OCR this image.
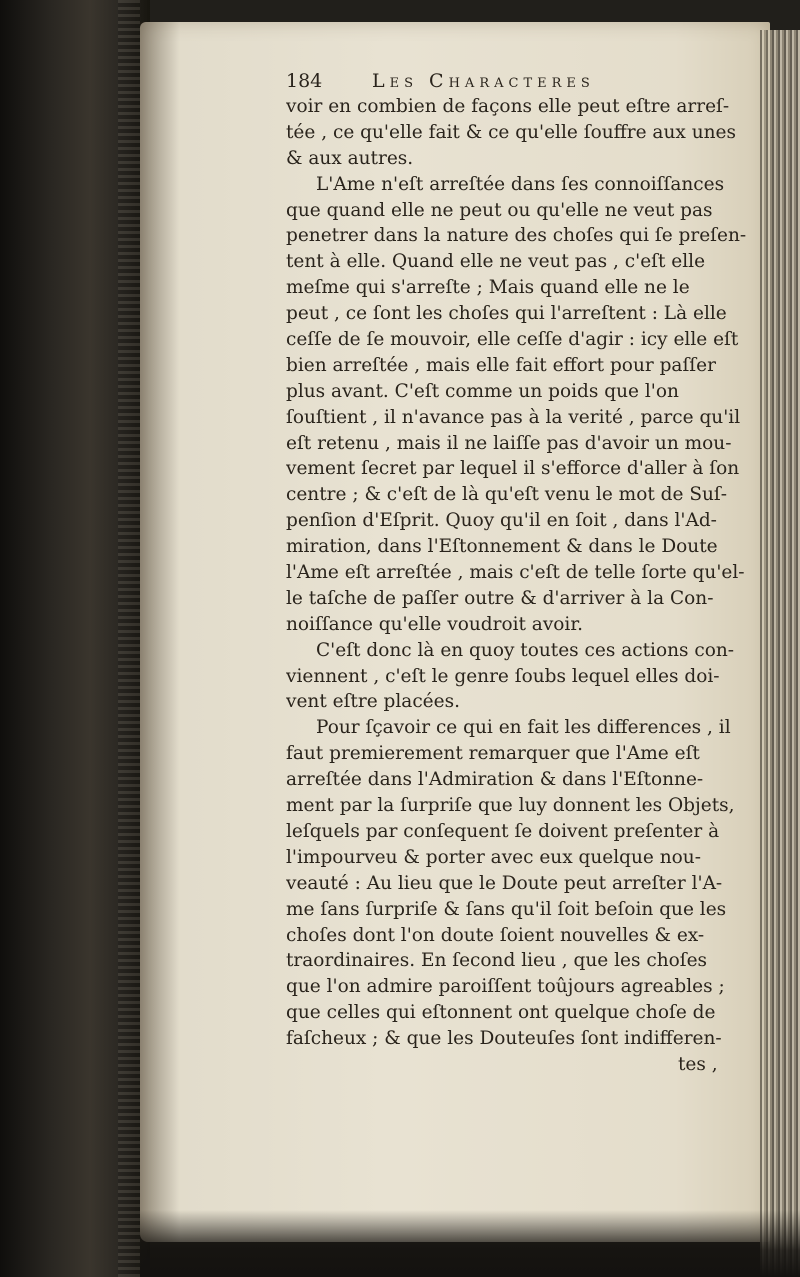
184	Les Characteres
voir en combien de façons elle peut eſtre arreſ-
tée , ce qu'elle fait & ce qu'elle ſouffre aux unes
& aux autres.
L'Ame n'eſt arreſtée dans ſes connoiſſances
que quand elle ne peut ou qu'elle ne veut pas
penetrer dans la nature des choſes qui ſe preſen-
tent à elle. Quand elle ne veut pas , c'eſt elle
meſme qui s'arreſte ; Mais quand elle ne le
peut , ce ſont les choſes qui l'arreſtent : Là elle
ceſſe de ſe mouvoir, elle ceſſe d'agir : icy elle eſt
bien arreſtée , mais elle fait effort pour paſſer
plus avant. C'eſt comme un poids que l'on
ſouſtient , il n'avance pas à la verité , parce qu'il
eſt retenu , mais il ne laiſſe pas d'avoir un mou-
vement ſecret par lequel il s'efforce d'aller à ſon
centre ; & c'eſt de là qu'eſt venu le mot de Suſ-
penſion d'Eſprit. Quoy qu'il en ſoit , dans l'Ad-
miration, dans l'Eſtonnement & dans le Doute
l'Ame eſt arreſtée , mais c'eſt de telle ſorte qu'el-
le taſche de paſſer outre & d'arriver à la Con-
noiſſance qu'elle voudroit avoir.
C'eſt donc là en quoy toutes ces actions con-
viennent , c'eſt le genre ſoubs lequel elles doi-
vent eſtre placées.
Pour ſçavoir ce qui en fait les differences , il
faut premierement remarquer que l'Ame eſt
arreſtée dans l'Admiration & dans l'Eſtonne-
ment par la ſurpriſe que luy donnent les Objets,
leſquels par conſequent ſe doivent preſenter à
l'impourveu & porter avec eux quelque nou-
veauté : Au lieu que le Doute peut arreſter l'A-
me ſans ſurpriſe & ſans qu'il ſoit beſoin que les
choſes dont l'on doute ſoient nouvelles & ex-
traordinaires. En ſecond lieu , que les choſes
que l'on admire paroiſſent toûjours agreables ;
que celles qui eſtonnent ont quelque choſe de
faſcheux ; & que les Douteuſes ſont indifferen-
tes ,
